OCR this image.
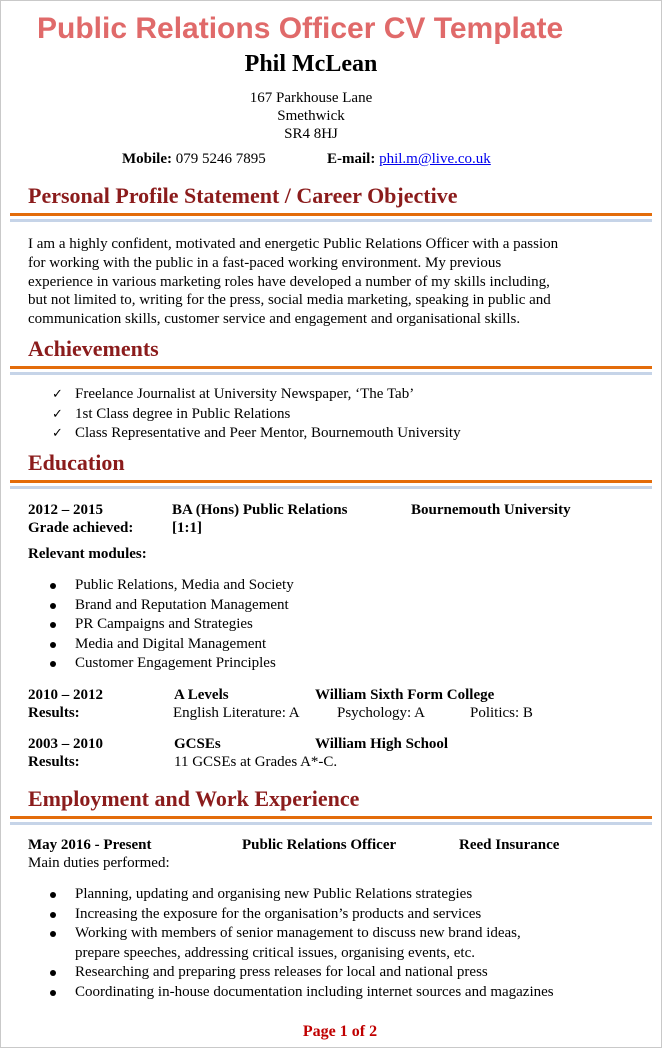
Public Relations Officer CV Template
Phil McLean
167 Parkhouse Lane
Smethwick
SR4 8HJ
Mobile: 079 5246 7895	E-mail: phil.m@live.co.uk
Personal Profile Statement / Career Objective
I am a highly confident, motivated and energetic Public Relations Officer with a passion
for working with the public in a fast-paced working environment. My previous
experience in various marketing roles have developed a number of my skills including,
but not limited to, writing for the press, social media marketing, speaking in public and
communication skills, customer service and engagement and organisational skills.
Achievements
✓ Freelance Journalist at University Newspaper, ‘The Tab’
✓ 1st Class degree in Public Relations
✓ Class Representative and Peer Mentor, Bournemouth University
Education
2012 – 2015	BA (Hons) Public Relations	Bournemouth University
Grade achieved:	[1:1]
Relevant modules:
Public Relations, Media and Society
Brand and Reputation Management
PR Campaigns and Strategies
Media and Digital Management
Customer Engagement Principles
2010 – 2012	A Levels	William Sixth Form College
Results:	English Literature: A Psychology: A	Politics: B
2003 – 2010	GCSEs	William High School
Results:	11 GCSEs at Grades A*-C.
Employment and Work Experience
May 2016 - Present	Public Relations Officer	Reed Insurance
Main duties performed:
Planning, updating and organising new Public Relations strategies
Increasing the exposure for the organisation’s products and services
Working with members of senior management to discuss new brand ideas,
prepare speeches, addressing critical issues, organising events, etc.
Researching and preparing press releases for local and national press
Coordinating in-house documentation including internet sources and magazines
Page 1 of 2
